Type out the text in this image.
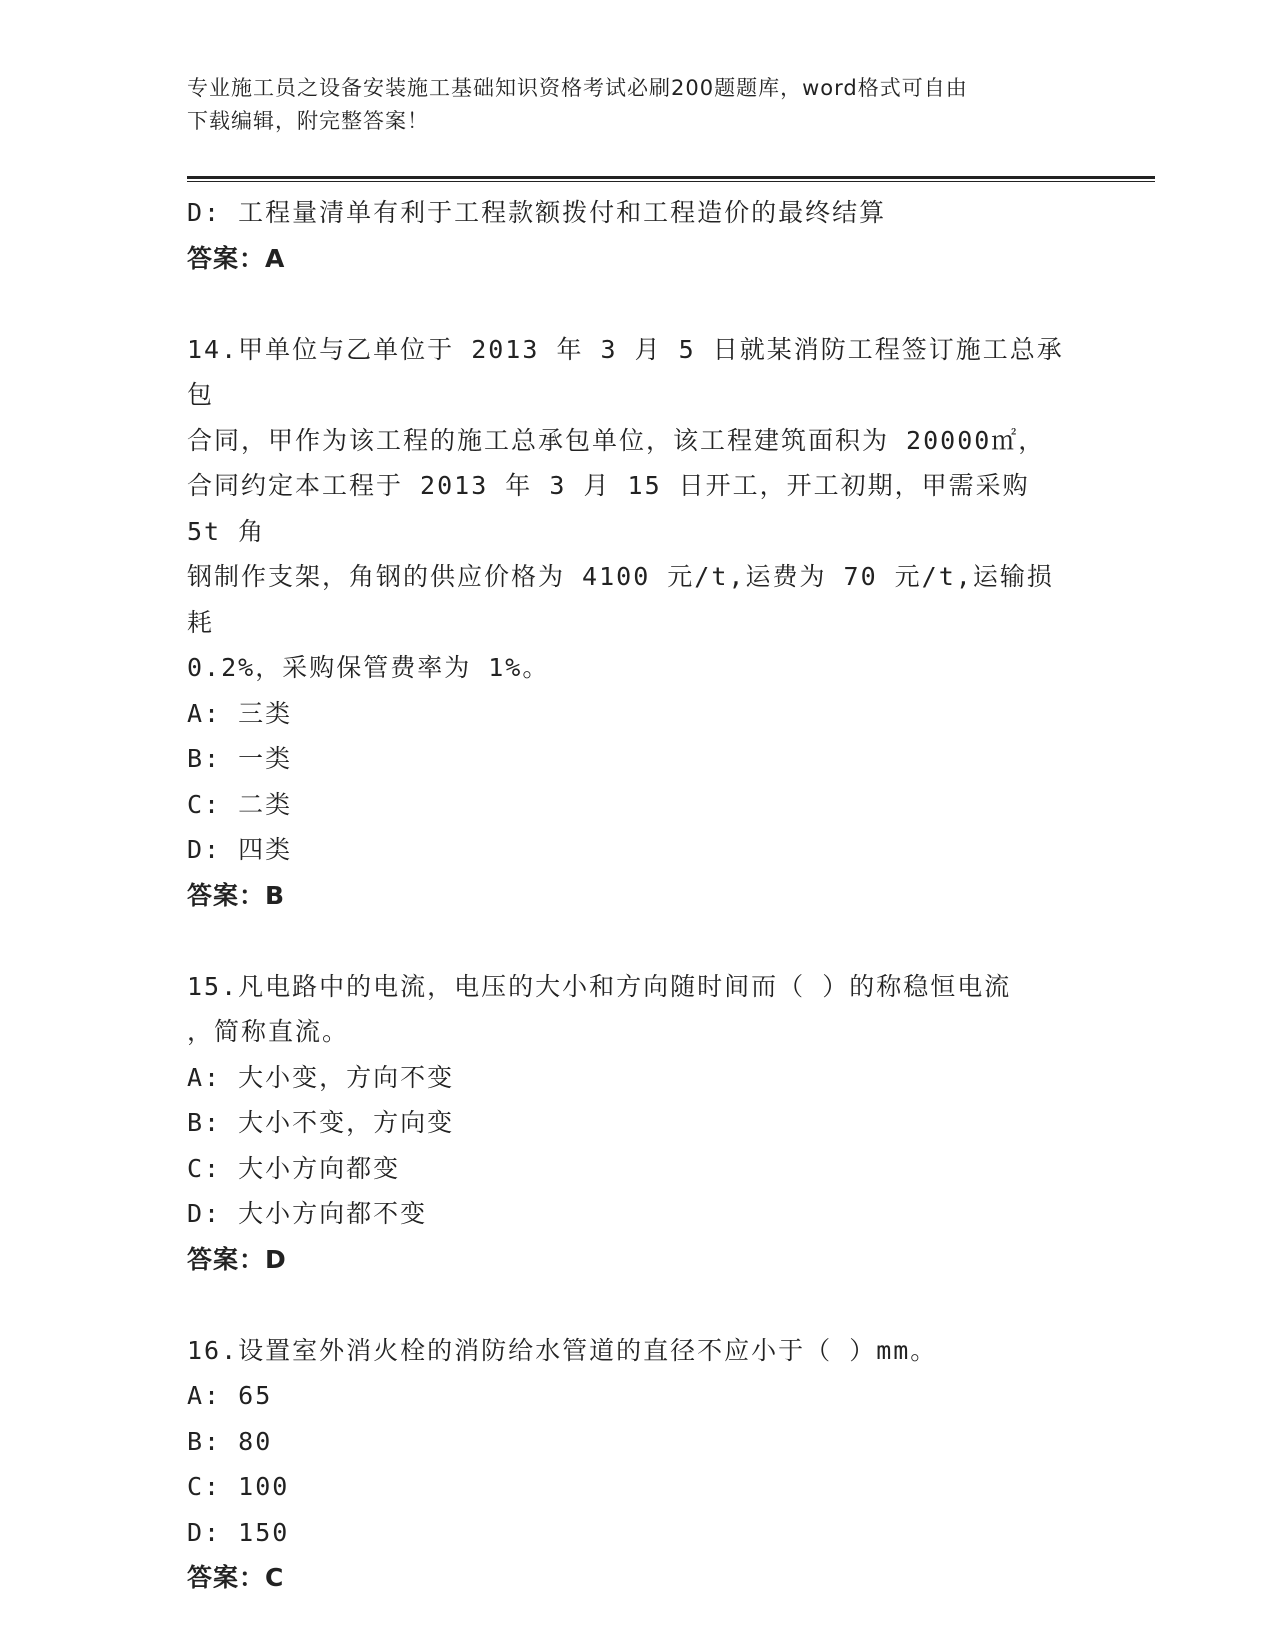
专业施工员之设备安装施工基础知识资格考试必刷200题题库，word格式可自由
下载编辑，附完整答案！

D: 工程量清单有利于工程款额拨付和工程造价的最终结算

答案：A

14.甲单位与乙单位于 2013 年 3 月 5 日就某消防工程签订施工总承包

合同，甲作为该工程的施工总承包单位，该工程建筑面积为 20000㎡，

合同约定本工程于 2013 年 3 月 15 日开工，开工初期，甲需采购 5t 角

钢制作支架，角钢的供应价格为 4100 元/t,运费为 70 元/t,运输损耗

0.2%，采购保管费率为 1%。

A: 三类

B: 一类

C: 二类

D: 四类

答案：B

15.凡电路中的电流，电压的大小和方向随时间而（ ）的称稳恒电流

，简称直流。

A: 大小变，方向不变

B: 大小不变，方向变

C: 大小方向都变

D: 大小方向都不变

答案：D

16.设置室外消火栓的消防给水管道的直径不应小于（ ）mm。

A: 65

B: 80

C: 100

D: 150

答案：C
